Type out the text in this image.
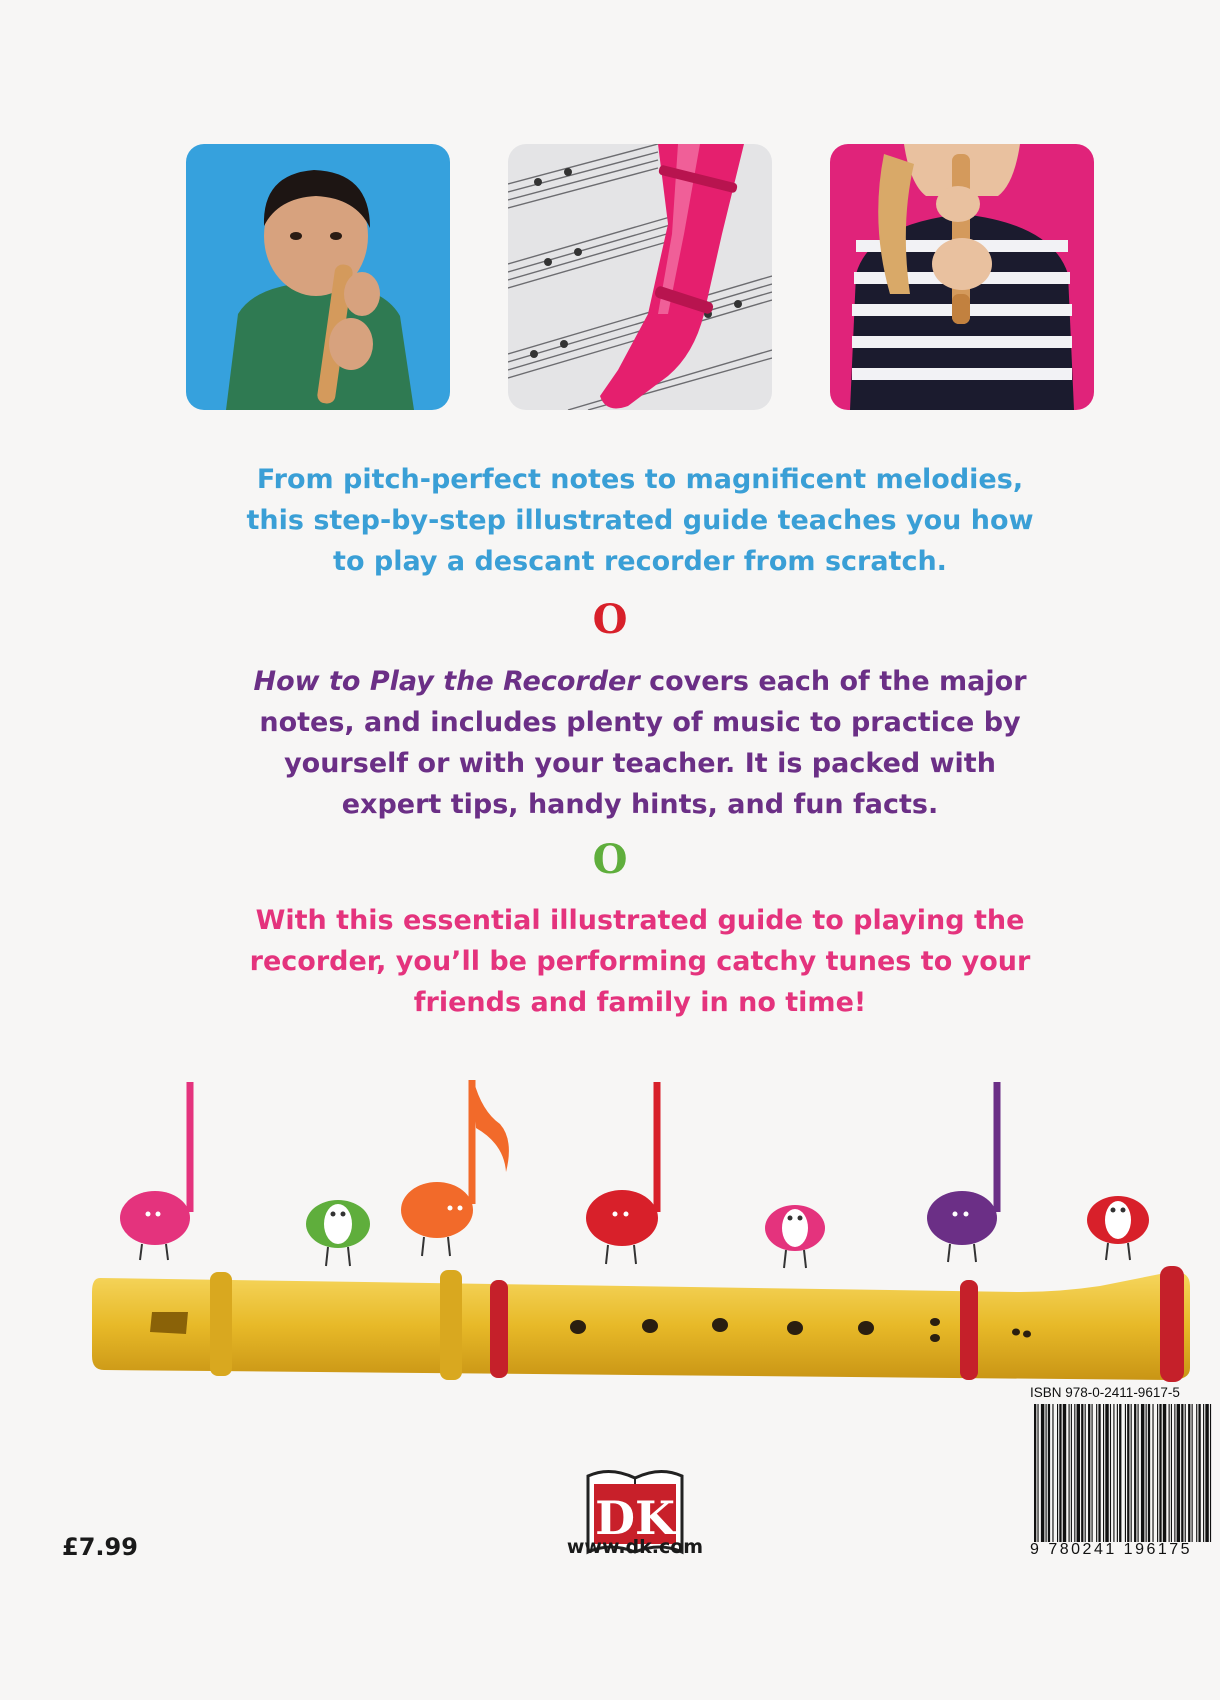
From pitch-perfect notes to magnificent melodies,
this step-by-step illustrated guide teaches you how
to play a descant recorder from scratch.
O
How to Play the Recorder covers each of the major
notes, and includes plenty of music to practice by
yourself or with your teacher. It is packed with
expert tips, handy hints, and fun facts.
O
With this essential illustrated guide to playing the
recorder, you’ll be performing catchy tunes to your
friends and family in no time!
ISBN 978-0-2411-9617-5
9 780241 196175
DK
www.dk.com
£7.99
